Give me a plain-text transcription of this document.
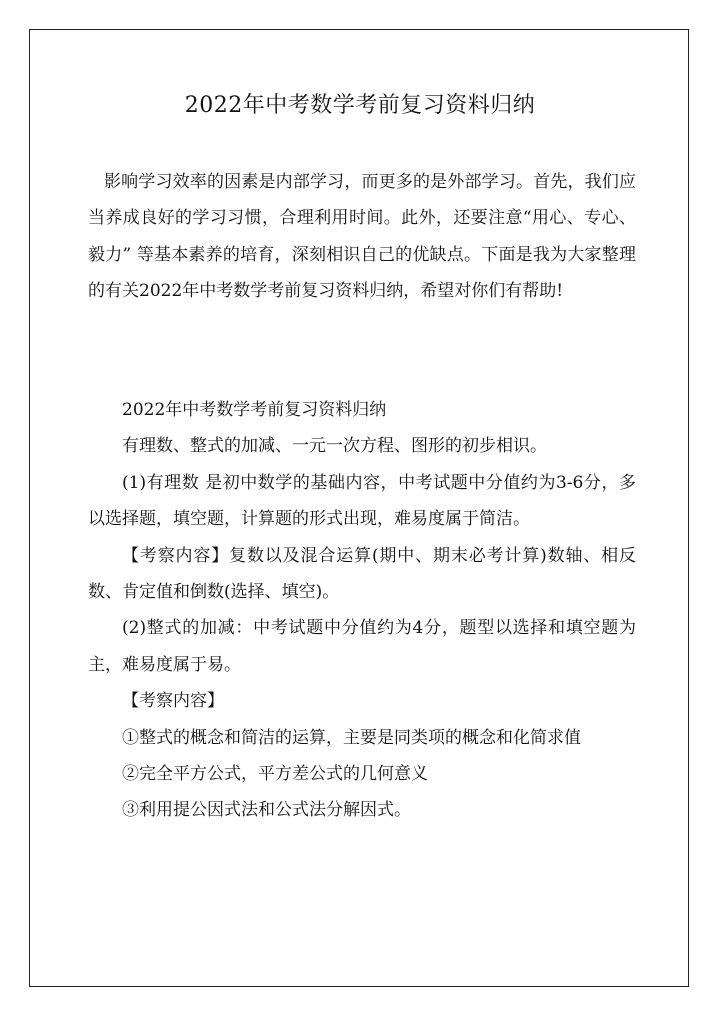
2022年中考数学考前复习资料归纳

影响学习效率的因素是内部学习，而更多的是外部学习。首先，我们应当养成良好的学习习惯，合理利用时间。此外，还要注意“用心、专心、毅力” 等基本素养的培育，深刻相识自己的优缺点。下面是我为大家整理的有关2022年中考数学考前复习资料归纳，希望对你们有帮助!

2022年中考数学考前复习资料归纳

有理数、整式的加减、一元一次方程、图形的初步相识。

(1)有理数 是初中数学的基础内容，中考试题中分值约为3-6分，多以选择题，填空题，计算题的形式出现，难易度属于简洁。

【考察内容】复数以及混合运算(期中、期末必考计算)数轴、相反数、肯定值和倒数(选择、填空)。

(2)整式的加减：中考试题中分值约为4分，题型以选择和填空题为主，难易度属于易。

【考察内容】

①整式的概念和简洁的运算，主要是同类项的概念和化简求值

②完全平方公式，平方差公式的几何意义

③利用提公因式法和公式法分解因式。
